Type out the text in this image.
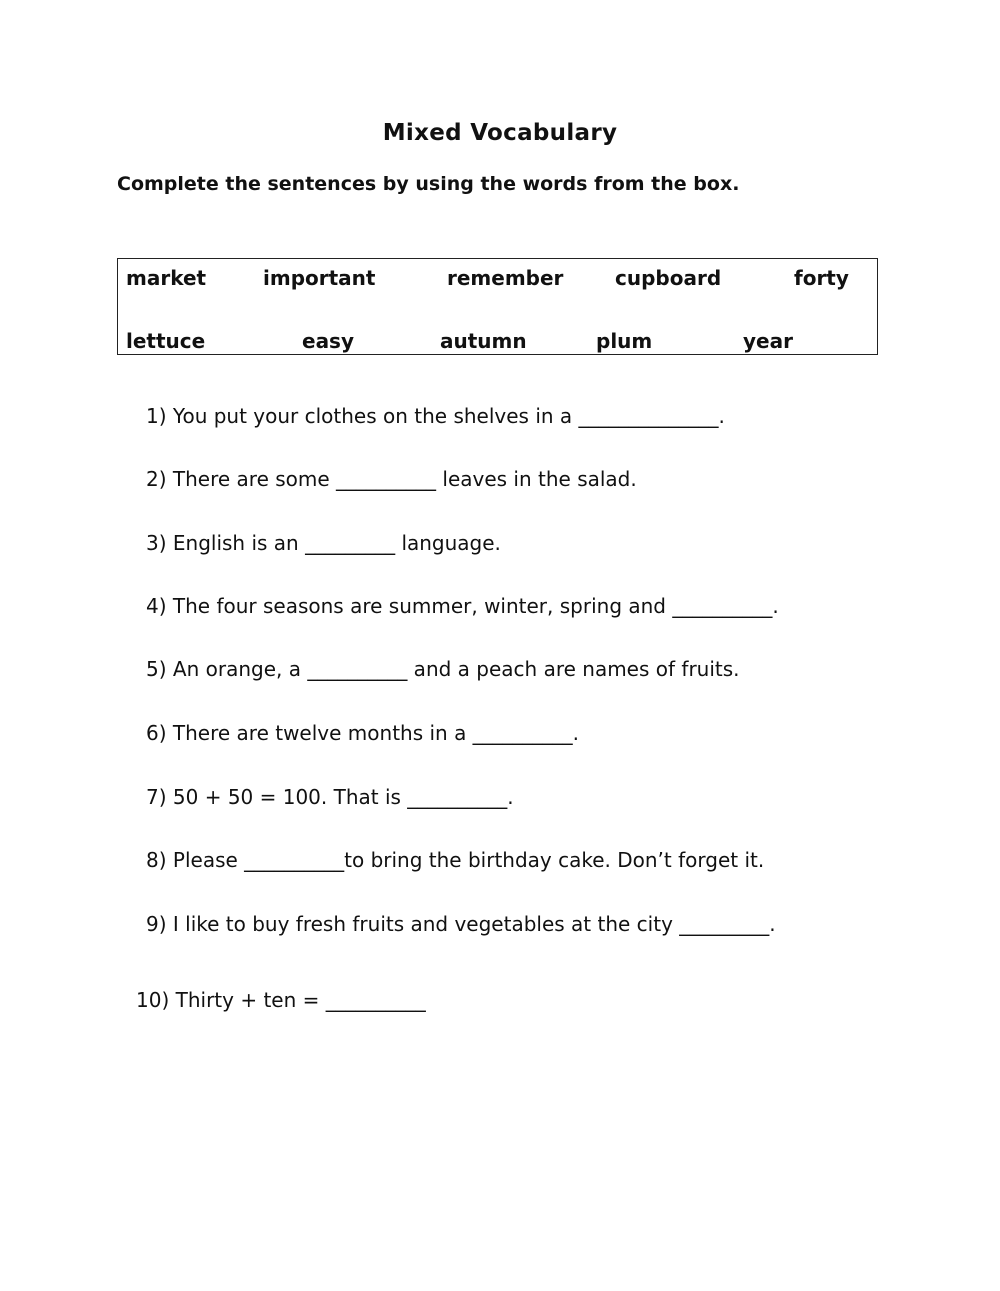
Mixed Vocabulary
Complete the sentences by using the words from the box.
market	important	remember	cupboard	forty
lettuce	easy	autumn	plum	year
1) You put your clothes on the shelves in a ______________.
2) There are some __________ leaves in the salad.
3) English is an _________ language.
4) The four seasons are summer, winter, spring and __________.
5) An orange, a __________ and a peach are names of fruits.
6) There are twelve months in a __________.
7) 50 + 50 = 100. That is __________.
8) Please __________to bring the birthday cake. Don’t forget it.
9) I like to buy fresh fruits and vegetables at the city _________.
10) Thirty + ten = __________
